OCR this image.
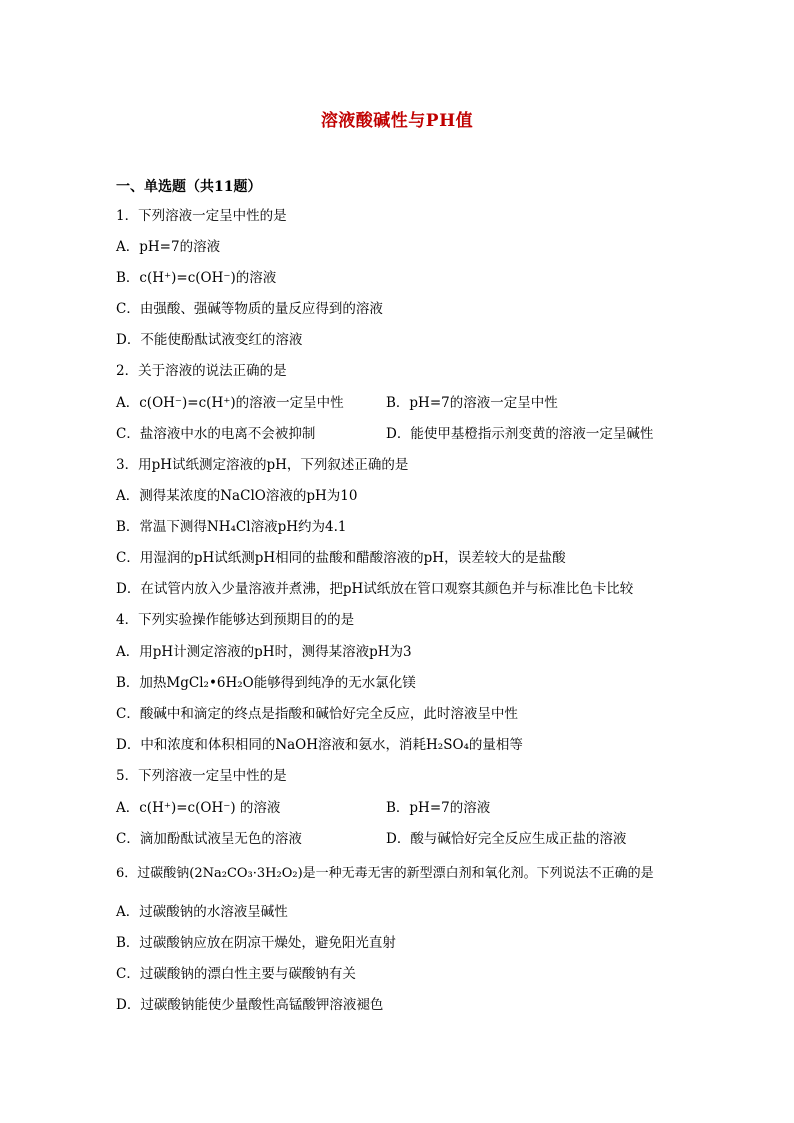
溶液酸碱性与PH值
一、单选题（共11题）
1．下列溶液一定呈中性的是
A．pH=7的溶液
B．c(H⁺)=c(OH⁻)的溶液
C．由强酸、强碱等物质的量反应得到的溶液
D．不能使酚酞试液变红的溶液
2．关于溶液的说法正确的是
A．c(OH⁻)=c(H⁺)的溶液一定呈中性	B．pH=7的溶液一定呈中性
C．盐溶液中水的电离不会被抑制	D．能使甲基橙指示剂变黄的溶液一定呈碱性
3．用pH试纸测定溶液的pH，下列叙述正确的是
A．测得某浓度的NaClO溶液的pH为10
B．常温下测得NH₄Cl溶液pH约为4.1
C．用湿润的pH试纸测pH相同的盐酸和醋酸溶液的pH，误差较大的是盐酸
D．在试管内放入少量溶液并煮沸，把pH试纸放在管口观察其颜色并与标准比色卡比较
4．下列实验操作能够达到预期目的的是
A．用pH计测定溶液的pH时，测得某溶液pH为3
B．加热MgCl₂•6H₂O能够得到纯净的无水氯化镁
C．酸碱中和滴定的终点是指酸和碱恰好完全反应，此时溶液呈中性
D．中和浓度和体积相同的NaOH溶液和氨水，消耗H₂SO₄的量相等
5．下列溶液一定呈中性的是
A．c(H⁺)=c(OH⁻) 的溶液	B．pH=7的溶液
C．滴加酚酞试液呈无色的溶液	D．酸与碱恰好完全反应生成正盐的溶液
6．过碳酸钠(2Na₂CO₃·3H₂O₂)是一种无毒无害的新型漂白剂和氧化剂。下列说法不正确的是
A．过碳酸钠的水溶液呈碱性
B．过碳酸钠应放在阴凉干燥处，避免阳光直射
C．过碳酸钠的漂白性主要与碳酸钠有关
D．过碳酸钠能使少量酸性高锰酸钾溶液褪色
